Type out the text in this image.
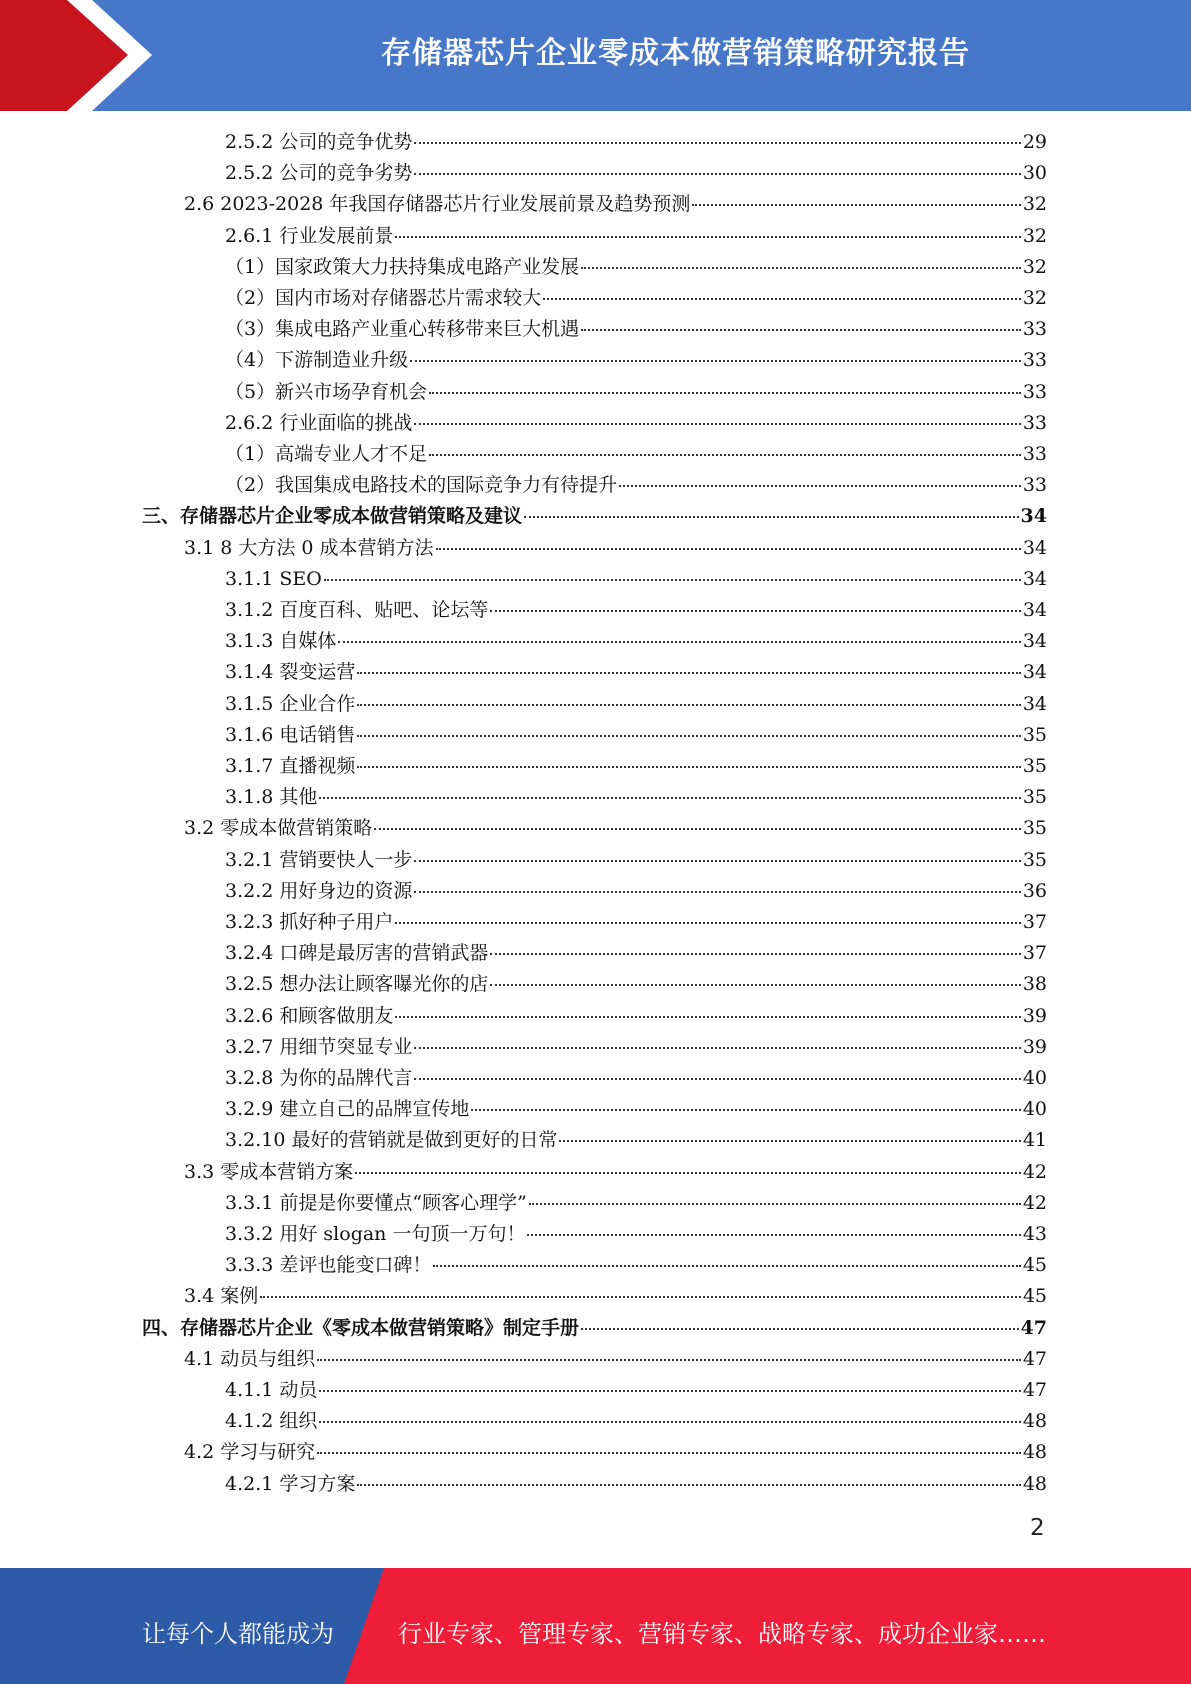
存储器芯片企业零成本做营销策略研究报告
2.5.2 公司的竞争优势	29
2.5.2 公司的竞争劣势	30
2.6 2023-2028 年我国存储器芯片行业发展前景及趋势预测	32
2.6.1 行业发展前景	32
（1）国家政策大力扶持集成电路产业发展	32
（2）国内市场对存储器芯片需求较大	32
（3）集成电路产业重心转移带来巨大机遇	33
（4）下游制造业升级	33
（5）新兴市场孕育机会	33
2.6.2 行业面临的挑战	33
（1）高端专业人才不足	33
（2）我国集成电路技术的国际竞争力有待提升	33
三、存储器芯片企业零成本做营销策略及建议	34
3.1 8 大方法 0 成本营销方法	34
3.1.1 SEO	34
3.1.2 百度百科、贴吧、论坛等	34
3.1.3 自媒体	34
3.1.4 裂变运营	34
3.1.5 企业合作	34
3.1.6 电话销售	35
3.1.7 直播视频	35
3.1.8 其他	35
3.2 零成本做营销策略	35
3.2.1 营销要快人一步	35
3.2.2 用好身边的资源	36
3.2.3 抓好种子用户	37
3.2.4 口碑是最厉害的营销武器	37
3.2.5 想办法让顾客曝光你的店	38
3.2.6 和顾客做朋友	39
3.2.7 用细节突显专业	39
3.2.8 为你的品牌代言	40
3.2.9 建立自己的品牌宣传地	40
3.2.10 最好的营销就是做到更好的日常	41
3.3 零成本营销方案	42
3.3.1 前提是你要懂点“顾客心理学”	42
3.3.2 用好 slogan 一句顶一万句！	43
3.3.3 差评也能变口碑！	45
3.4 案例	45
四、存储器芯片企业《零成本做营销策略》制定手册	47
4.1 动员与组织	47
4.1.1 动员	47
4.1.2 组织	48
4.2 学习与研究	48
4.2.1 学习方案	48
2
让每个人都能成为	行业专家、管理专家、营销专家、战略专家、成功企业家……
